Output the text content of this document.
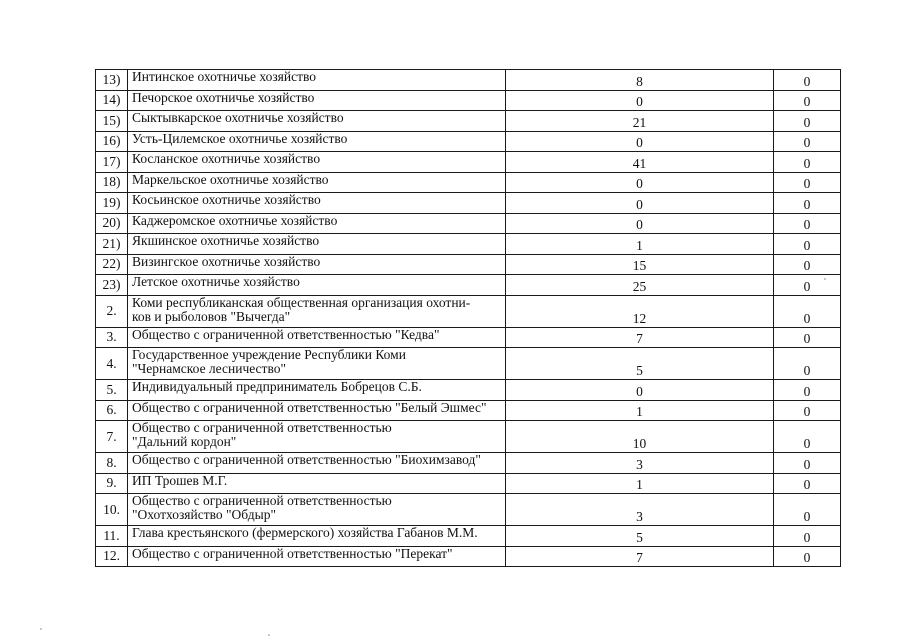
13)	Интинское охотничье хозяйство	8	0
14)	Печорское охотничье хозяйство	0	0
15)	Сыктывкарское охотничье хозяйство	21	0
16)	Усть-Цилемское охотничье хозяйство	0	0
17)	Косланское охотничье хозяйство	41	0
18)	Маркельское охотничье хозяйство	0	0
19)	Косьинское охотничье хозяйство	0	0
20)	Каджеромское охотничье хозяйство	0	0
21)	Якшинское охотничье хозяйство	1	0
22)	Визингское охотничье хозяйство	15	0
23)	Летское охотничье хозяйство	25	0
2.	Коми республиканская общественная организация охотни-
ков и рыболовов "Вычегда"	12	0
3.	Общество с ограниченной ответственностью "Кедва"	7	0
4.	Государственное учреждение Республики Коми
"Чернамское лесничество"	5	0
5.	Индивидуальный предприниматель Бобрецов С.Б.	0	0
6.	Общество с ограниченной ответственностью "Белый Эшмес"	1	0
7.	Общество с ограниченной ответственностью
"Дальний кордон"	10	0
8.	Общество с ограниченной ответственностью "Биохимзавод"	3	0
9.	ИП Трошев М.Г.	1	0
10.	Общество с ограниченной ответственностью
"Охотхозяйство "Обдыр"	3	0
11.	Глава крестьянского (фермерского) хозяйства Габанов М.М.	5	0
12.	Общество с ограниченной ответственностью "Перекат"	7	0
